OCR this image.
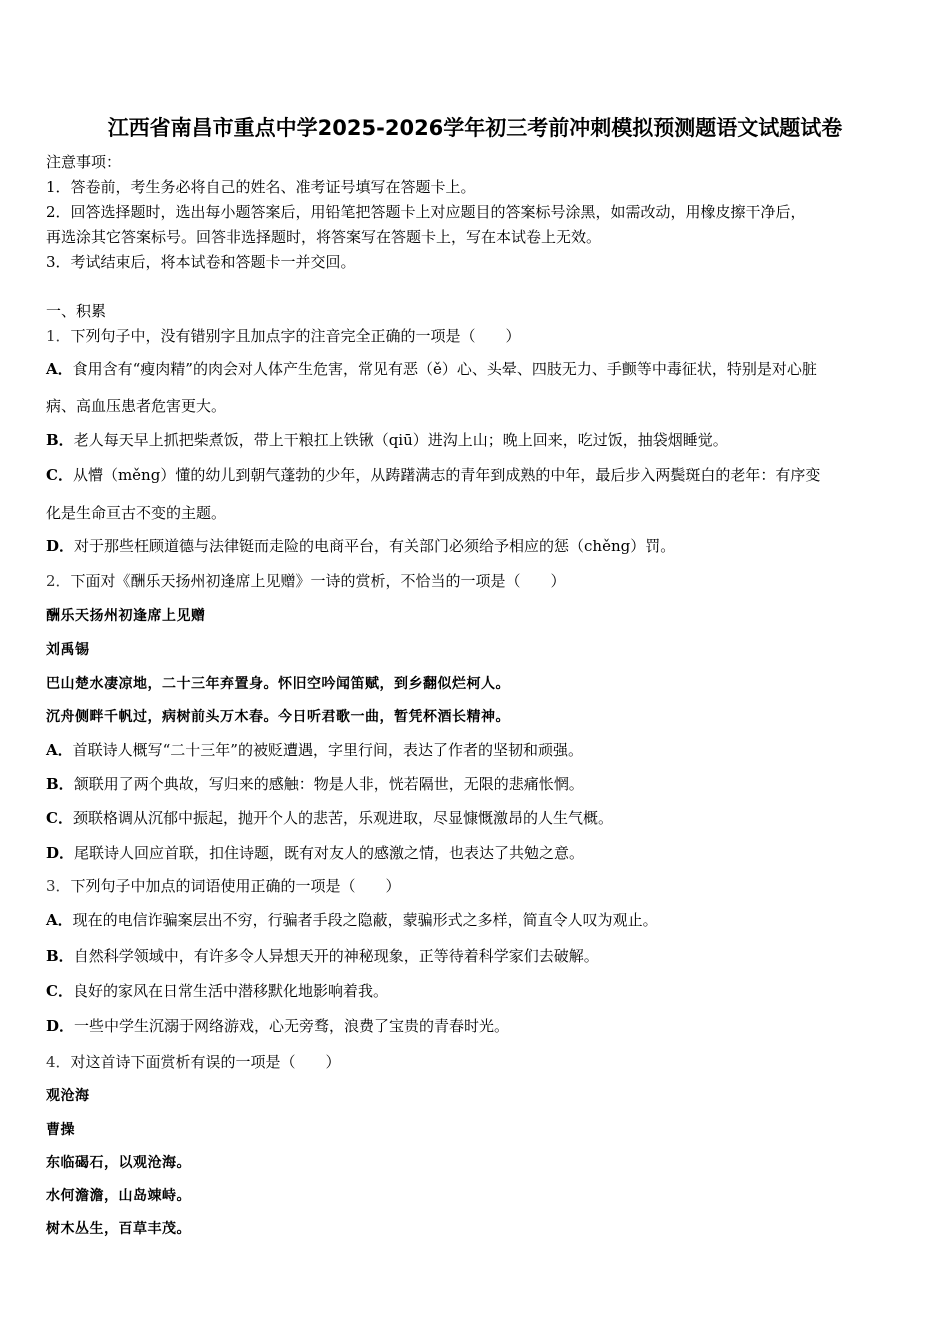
江西省南昌市重点中学2025-2026学年初三考前冲刺模拟预测题语文试题试卷
注意事项：
1．答卷前，考生务必将自己的姓名、准考证号填写在答题卡上。
2．回答选择题时，选出每小题答案后，用铅笔把答题卡上对应题目的答案标号涂黑，如需改动，用橡皮擦干净后，
再选涂其它答案标号。回答非选择题时，将答案写在答题卡上，写在本试卷上无效。
3．考试结束后，将本试卷和答题卡一并交回。
一、积累
1．下列句子中，没有错别字且加点字的注音完全正确的一项是（　　）
A．食用含有“瘦肉精”的肉会对人体产生危害，常见有恶（ě）心、头晕、四肢无力、手颤等中毒征状，特别是对心脏
病、高血压患者危害更大。
B．老人每天早上抓把柴煮饭，带上干粮扛上铁锹（qiū）进沟上山；晚上回来，吃过饭，抽袋烟睡觉。
C．从懵（měng）懂的幼儿到朝气蓬勃的少年，从踌躇满志的青年到成熟的中年，最后步入两鬓斑白的老年：有序变
化是生命亘古不变的主题。
D．对于那些枉顾道德与法律铤而走险的电商平台，有关部门必须给予相应的惩（chěng）罚。
2．下面对《酬乐天扬州初逢席上见赠》一诗的赏析，不恰当的一项是（　　）
酬乐天扬州初逢席上见赠
刘禹锡
巴山楚水凄凉地，二十三年弃置身。怀旧空吟闻笛赋，到乡翻似烂柯人。
沉舟侧畔千帆过，病树前头万木春。今日听君歌一曲，暂凭杯酒长精神。
A．首联诗人概写“二十三年”的被贬遭遇，字里行间，表达了作者的坚韧和顽强。
B．颔联用了两个典故，写归来的感触：物是人非，恍若隔世，无限的悲痛怅惘。
C．颈联格调从沉郁中振起，抛开个人的悲苦，乐观进取，尽显慷慨激昂的人生气概。
D．尾联诗人回应首联，扣住诗题，既有对友人的感激之情，也表达了共勉之意。
3．下列句子中加点的词语使用正确的一项是（　　）
A．现在的电信诈骗案层出不穷，行骗者手段之隐蔽，蒙骗形式之多样，简直令人叹为观止。
B．自然科学领域中，有许多令人异想天开的神秘现象，正等待着科学家们去破解。
C．良好的家风在日常生活中潜移默化地影响着我。
D．一些中学生沉溺于网络游戏，心无旁骛，浪费了宝贵的青春时光。
4．对这首诗下面赏析有误的一项是（　　）
观沧海
曹操
东临碣石，以观沧海。
水何澹澹，山岛竦峙。
树木丛生，百草丰茂。
